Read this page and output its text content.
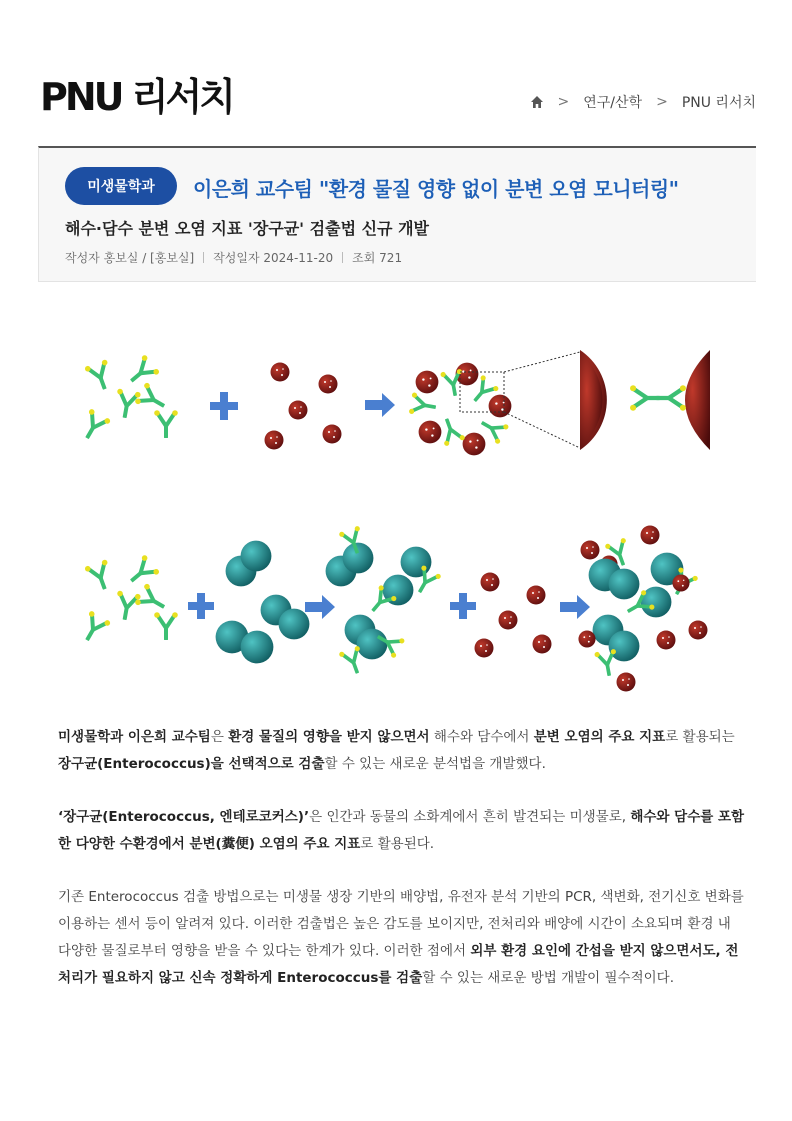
PNU 리서치	> 연구/산학 > PNU 리서치
미생물학과	이은희 교수팀 "환경 물질 영향 없이 분변 오염 모니터링"
해수·담수 분변 오염 지표 '장구균' 검출법 신규 개발
작성자
홍보실 / [홍보실] 작성일자
2024-11-20 조회
721

미생물학과 이은희 교수팀은 환경 물질의 영향을 받지 않으면서 해수와 담수에서 분변 오염의 주요 지표로 활용되는 장구균(Enterococcus)을 선택적으로 검출할 수 있는 새로운 분석법을 개발했다.

‘장구균(Enterococcus, 엔테로코커스)’은 인간과 동물의 소화계에서 흔히 발견되는 미생물로, 해수와 담수를 포함한 다양한 수환경에서 분변(糞便) 오염의 주요 지표로 활용된다.

기존 Enterococcus 검출 방법으로는 미생물 생장 기반의 배양법, 유전자 분석 기반의 PCR, 색변화, 전기신호 변화를 이용하는 센서 등이 알려져 있다. 이러한 검출법은 높은 감도를 보이지만, 전처리와 배양에 시간이 소요되며 환경 내 다양한 물질로부터 영향을 받을 수 있다는 한계가 있다. 이러한 점에서 외부 환경 요인에 간섭을 받지 않으면서도, 전처리가 필요하지 않고 신속 정확하게 Enterococcus를 검출할 수 있는 새로운 방법 개발이 필수적이다.
